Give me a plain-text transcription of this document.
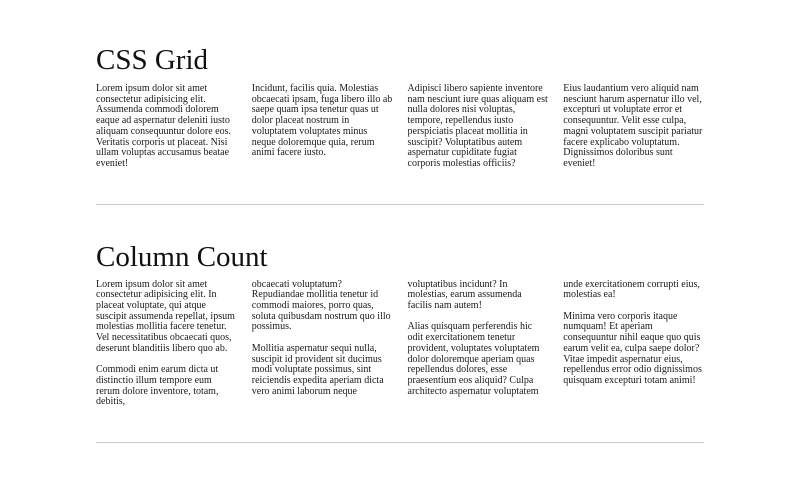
CSS Grid

Lorem ipsum dolor sit amet consectetur adipisicing elit. Assumenda commodi dolorem eaque ad aspernatur deleniti iusto aliquam consequuntur dolore eos. Veritatis corporis ut placeat. Nisi ullam voluptas accusamus beatae eveniet!

Incidunt, facilis quia. Molestias obcaecati ipsam, fuga libero illo ab saepe quam ipsa tenetur quas ut dolor placeat nostrum in voluptatem voluptates minus neque doloremque quia, rerum animi facere iusto.

Adipisci libero sapiente inventore nam nesciunt iure quas aliquam est nulla dolores nisi voluptas, tempore, repellendus iusto perspiciatis placeat mollitia in suscipit? Voluptatibus autem aspernatur cupiditate fugiat corporis molestias officiis?

Eius laudantium vero aliquid nam nesciunt harum aspernatur illo vel, excepturi ut voluptate error et consequuntur. Velit esse culpa, magni voluptatem suscipit pariatur facere explicabo voluptatum. Dignissimos doloribus sunt eveniet!

Column Count

Lorem ipsum dolor sit amet consectetur adipisicing elit. In placeat voluptate, qui atque suscipit assumenda repellat, ipsum molestias mollitia facere tenetur. Vel necessitatibus obcaecati quos, deserunt blanditiis libero quo ab.

Commodi enim earum dicta ut distinctio illum tempore eum rerum dolore inventore, totam, debitis,

obcaecati voluptatum? Repudiandae mollitia tenetur id commodi maiores, porro quas, soluta quibusdam nostrum quo illo possimus.

Mollitia aspernatur sequi nulla, suscipit id provident sit ducimus modi voluptate possimus, sint reiciendis expedita aperiam dicta vero animi laborum neque

voluptatibus incidunt? In molestias, earum assumenda facilis nam autem!

Alias quisquam perferendis hic odit exercitationem tenetur provident, voluptates voluptatem dolor doloremque aperiam quas repellendus dolores, esse praesentium eos aliquid? Culpa architecto aspernatur voluptatem

unde exercitationem corrupti eius, molestias ea!

Minima vero corporis itaque numquam! Et aperiam consequuntur nihil eaque quo quis earum velit ea, culpa saepe dolor? Vitae impedit aspernatur eius, repellendus error odio dignissimos quisquam excepturi totam animi!
